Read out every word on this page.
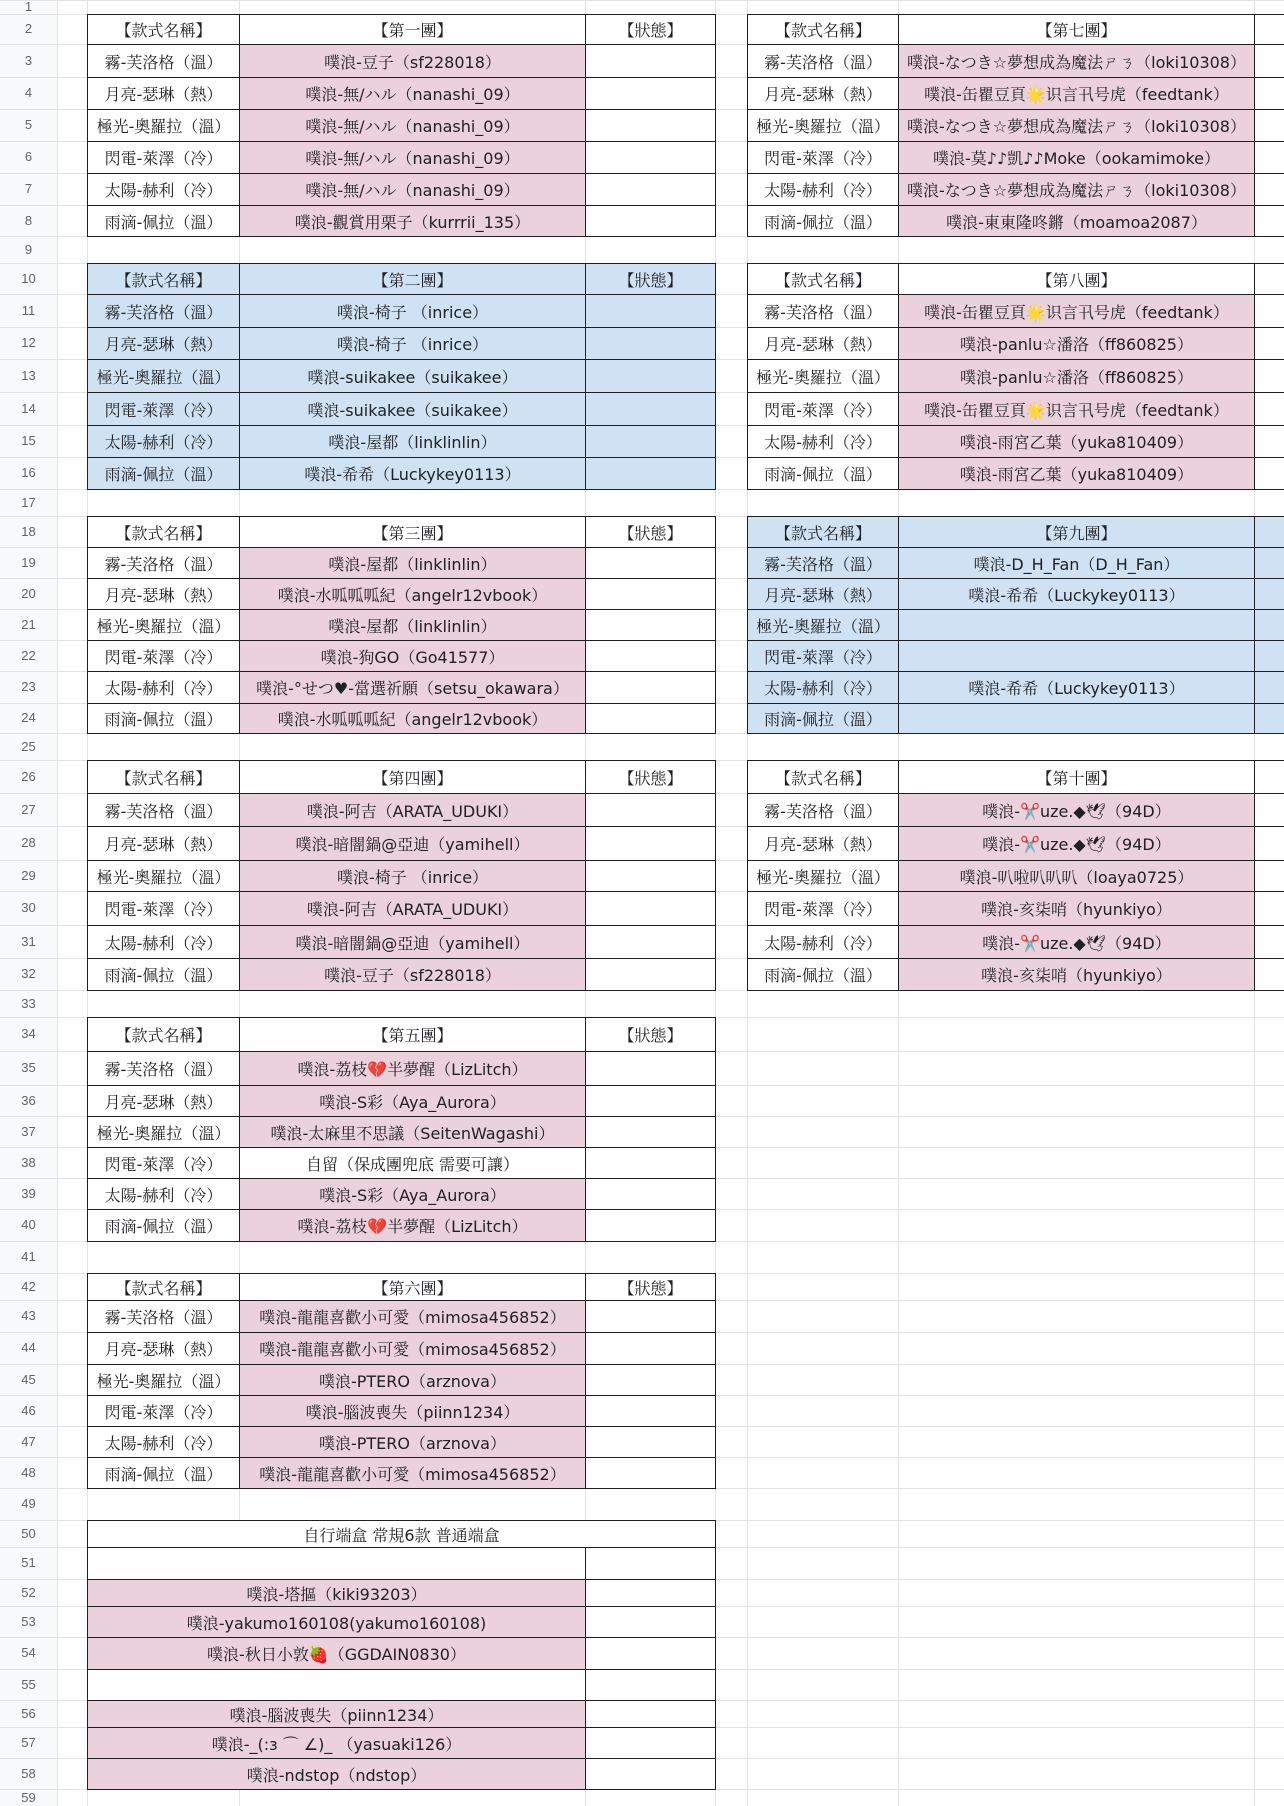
1
2
3
4
5
6
7
8
9
10
11
12
13
14
15
16
17
18
19
20
21
22
23
24
25
26
27
28
29
30
31
32
33
34
35
36
37
38
39
40
41
42
43
44
45
46
47
48
49
50
51
52
53
54
55
56
57
58
59
【款式名稱】	【第一團】	【狀態】
霧-芙洛格（溫）	噗浪-豆子（sf228018）
月亮-瑟琳（熱）	噗浪-無/ハル（nanashi_09）
極光-奧羅拉（溫）	噗浪-無/ハル（nanashi_09）
閃電-萊澤（冷）	噗浪-無/ハル（nanashi_09）
太陽-赫利（冷）	噗浪-無/ハル（nanashi_09）
雨滴-佩拉（溫）	噗浪-觀賞用栗子（kurrrii_135）
【款式名稱】	【第二團】	【狀態】
霧-芙洛格（溫）	噗浪-椅子 （inrice）
月亮-瑟琳（熱）	噗浪-椅子 （inrice）
極光-奧羅拉（溫）	噗浪-suikakee（suikakee）
閃電-萊澤（冷）	噗浪-suikakee（suikakee）
太陽-赫利（冷）	噗浪-屋都（linklinlin）
雨滴-佩拉（溫）	噗浪-希希（Luckykey0113）
【款式名稱】	【第三團】	【狀態】
霧-芙洛格（溫）	噗浪-屋都（linklinlin）
月亮-瑟琳（熱）	噗浪-水呱呱呱紀（angelr12vbook）
極光-奧羅拉（溫）	噗浪-屋都（linklinlin）
閃電-萊澤（冷）	噗浪-狗GO（Go41577）
太陽-赫利（冷）	噗浪-°せつ♥-當選祈願（setsu_okawara）
雨滴-佩拉（溫）	噗浪-水呱呱呱紀（angelr12vbook）
【款式名稱】	【第四團】	【狀態】
霧-芙洛格（溫）	噗浪-阿吉（ARATA_UDUKI）
月亮-瑟琳（熱）	噗浪-暗闇鍋@亞迪（yamihell）
極光-奧羅拉（溫）	噗浪-椅子 （inrice）
閃電-萊澤（冷）	噗浪-阿吉（ARATA_UDUKI）
太陽-赫利（冷）	噗浪-暗闇鍋@亞迪（yamihell）
雨滴-佩拉（溫）	噗浪-豆子（sf228018）
【款式名稱】	【第五團】	【狀態】
霧-芙洛格（溫）	噗浪-荔枝💔半夢醒（LizLitch）
月亮-瑟琳（熱）	噗浪-S彩（Aya_Aurora）
極光-奧羅拉（溫）	噗浪-太麻里不思議（SeitenWagashi）
閃電-萊澤（冷）	自留（保成團兜底 需要可讓）
太陽-赫利（冷）	噗浪-S彩（Aya_Aurora）
雨滴-佩拉（溫）	噗浪-荔枝💔半夢醒（LizLitch）
【款式名稱】	【第六團】	【狀態】
霧-芙洛格（溫）	噗浪-龍龍喜歡小可愛（mimosa456852）
月亮-瑟琳（熱）	噗浪-龍龍喜歡小可愛（mimosa456852）
極光-奧羅拉（溫）	噗浪-PTERO（arznova）
閃電-萊澤（冷）	噗浪-腦波喪失（piinn1234）
太陽-赫利（冷）	噗浪-PTERO（arznova）
雨滴-佩拉（溫）	噗浪-龍龍喜歡小可愛（mimosa456852）
【款式名稱】	【第七團】
霧-芙洛格（溫）	噗浪-なつき☆夢想成為魔法ㄕㄋ（loki10308）
月亮-瑟琳（熱）	噗浪-缶瞿豆頁🌟识言卂号虎（feedtank）
極光-奧羅拉（溫）	噗浪-なつき☆夢想成為魔法ㄕㄋ（loki10308）
閃電-萊澤（冷）	噗浪-莫♪♪凱♪♪Moke（ookamimoke）
太陽-赫利（冷）	噗浪-なつき☆夢想成為魔法ㄕㄋ（loki10308）
雨滴-佩拉（溫）	噗浪-東東隆咚鏘（moamoa2087）
【款式名稱】	【第八團】
霧-芙洛格（溫）	噗浪-缶瞿豆頁🌟识言卂号虎（feedtank）
月亮-瑟琳（熱）	噗浪-panlu☆潘洛（ff860825）
極光-奧羅拉（溫）	噗浪-panlu☆潘洛（ff860825）
閃電-萊澤（冷）	噗浪-缶瞿豆頁🌟识言卂号虎（feedtank）
太陽-赫利（冷）	噗浪-雨宮乙葉（yuka810409）
雨滴-佩拉（溫）	噗浪-雨宮乙葉（yuka810409）
【款式名稱】	【第九團】
霧-芙洛格（溫）	噗浪-D_H_Fan（D_H_Fan）
月亮-瑟琳（熱）	噗浪-希希（Luckykey0113）
極光-奧羅拉（溫）
閃電-萊澤（冷）
太陽-赫利（冷）	噗浪-希希（Luckykey0113）
雨滴-佩拉（溫）
【款式名稱】	【第十團】
霧-芙洛格（溫）	噗浪-✂️uze.◆🕊（94D）
月亮-瑟琳（熱）	噗浪-✂️uze.◆🕊（94D）
極光-奧羅拉（溫）	噗浪-叭啦叭叭叭（loaya0725）
閃電-萊澤（冷）	噗浪-亥柒哨（hyunkiyo）
太陽-赫利（冷）	噗浪-✂️uze.◆🕊（94D）
雨滴-佩拉（溫）	噗浪-亥柒哨（hyunkiyo）
自行端盒 常規6款 普通端盒
噗浪-塔摳（kiki93203）
噗浪-yakumo160108(yakumo160108)
噗浪-秋日小敦🍓（GGDAIN0830）
噗浪-腦波喪失（piinn1234）
噗浪-_(:з ⌒ ∠)_ （yasuaki126）
噗浪-ndstop（ndstop）
